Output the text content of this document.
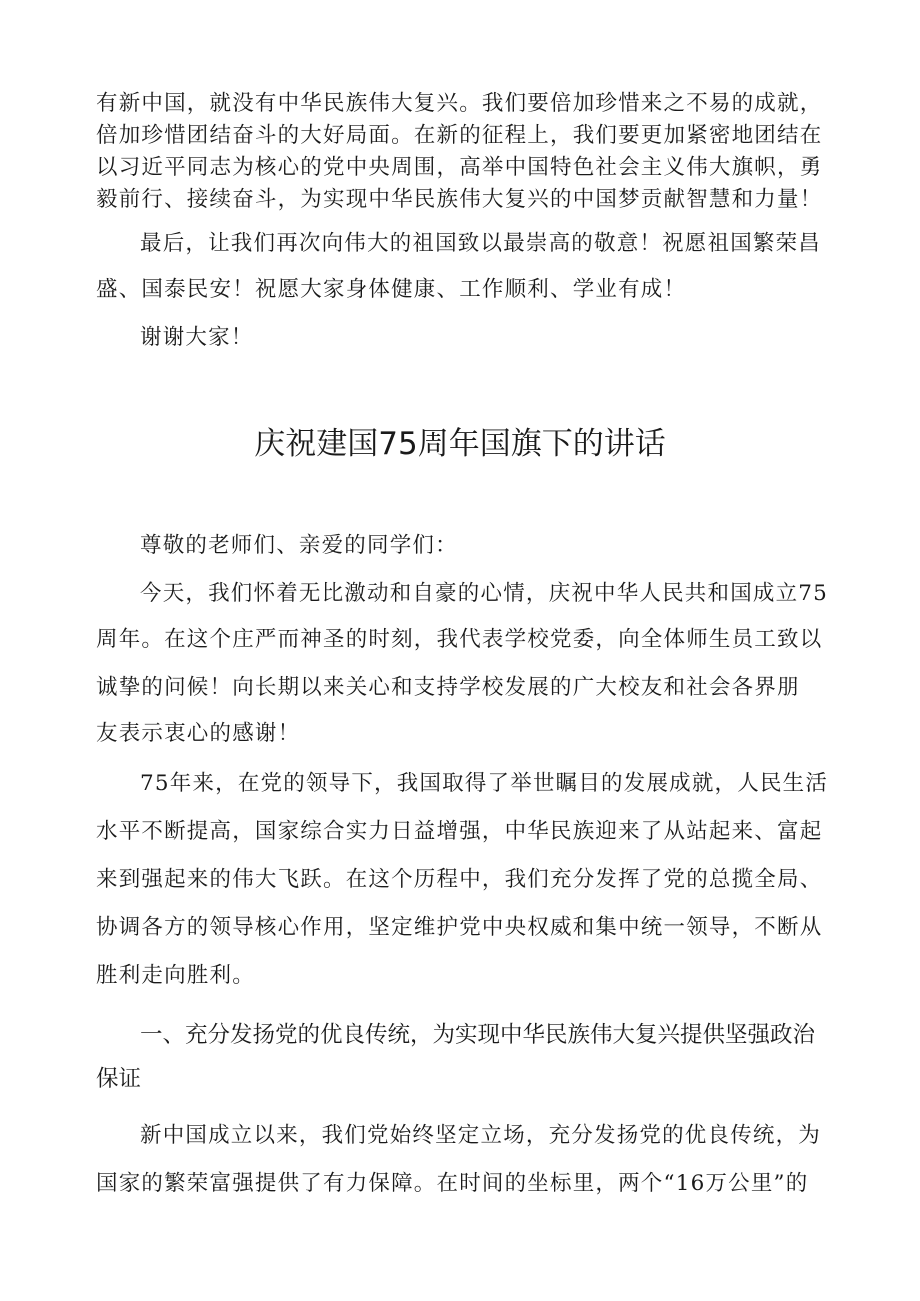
有新中国，就没有中华民族伟大复兴。我们要倍加珍惜来之不易的成就，

倍加珍惜团结奋斗的大好局面。在新的征程上，我们要更加紧密地团结在

以习近平同志为核心的党中央周围，高举中国特色社会主义伟大旗帜，勇

毅前行、接续奋斗，为实现中华民族伟大复兴的中国梦贡献智慧和力量！

最后，让我们再次向伟大的祖国致以最崇高的敬意！祝愿祖国繁荣昌

盛、国泰民安！祝愿大家身体健康、工作顺利、学业有成！

谢谢大家！

庆祝建国75周年国旗下的讲话

尊敬的老师们、亲爱的同学们：

今天，我们怀着无比激动和自豪的心情，庆祝中华人民共和国成立75

周年。在这个庄严而神圣的时刻，我代表学校党委，向全体师生员工致以

诚挚的问候！向长期以来关心和支持学校发展的广大校友和社会各界朋

友表示衷心的感谢！

75年来，在党的领导下，我国取得了举世瞩目的发展成就，人民生活

水平不断提高，国家综合实力日益增强，中华民族迎来了从站起来、富起

来到强起来的伟大飞跃。在这个历程中，我们充分发挥了党的总揽全局、

协调各方的领导核心作用，坚定维护党中央权威和集中统一领导，不断从

胜利走向胜利。

一、充分发扬党的优良传统，为实现中华民族伟大复兴提供坚强政治

保证

新中国成立以来，我们党始终坚定立场，充分发扬党的优良传统，为

国家的繁荣富强提供了有力保障。在时间的坐标里，两个“16万公里”的
